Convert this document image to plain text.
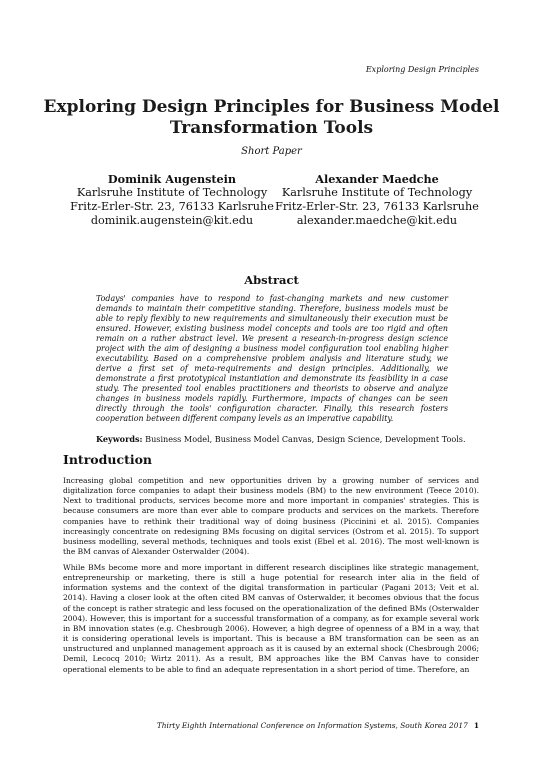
Exploring Design Principles
Exploring Design Principles for Business Model Transformation Tools
Short Paper
Dominik Augenstein
Karlsruhe Institute of Technology
Fritz-Erler-Str. 23, 76133 Karlsruhe
dominik.augenstein@kit.edu
Alexander Maedche
Karlsruhe Institute of Technology
Fritz-Erler-Str. 23, 76133 Karlsruhe
alexander.maedche@kit.edu
Abstract
Todays' companies have to respond to fast-changing markets and new customer demands to maintain their competitive standing. Therefore, business models must be able to reply flexibly to new requirements and simultaneously their execution must be ensured. However, existing business model concepts and tools are too rigid and often remain on a rather abstract level. We present a research-in-progress design science project with the aim of designing a business model configuration tool enabling higher executability. Based on a comprehensive problem analysis and literature study, we derive a first set of meta-requirements and design principles. Additionally, we demonstrate a first prototypical instantiation and demonstrate its feasibility in a case study. The presented tool enables practitioners and theorists to observe and analyze changes in business models rapidly. Furthermore, impacts of changes can be seen directly through the tools' configuration character. Finally, this research fosters cooperation between different company levels as an imperative capability.
Keywords: Business Model, Business Model Canvas, Design Science, Development Tools.
Introduction
Increasing global competition and new opportunities driven by a growing number of services and digitalization force companies to adapt their business models (BM) to the new environment (Teece 2010). Next to traditional products, services become more and more important in companies' strategies. This is because consumers are more than ever able to compare products and services on the markets. Therefore companies have to rethink their traditional way of doing business (Piccinini et al. 2015). Companies increasingly concentrate on redesigning BMs focusing on digital services (Ostrom et al. 2015). To support business modelling, several methods, techniques and tools exist (Ebel et al. 2016). The most well-known is the BM canvas of Alexander Osterwalder (2004).
While BMs become more and more important in different research disciplines like strategic management, entrepreneurship or marketing, there is still a huge potential for research inter alia in the field of information systems and the context of the digital transformation in particular (Pagani 2013; Veit et al. 2014). Having a closer look at the often cited BM canvas of Osterwalder, it becomes obvious that the focus of the concept is rather strategic and less focused on the operationalization of the defined BMs (Osterwalder 2004). However, this is important for a successful transformation of a company, as for example several work in BM innovation states (e.g. Chesbrough 2006). However, a high degree of openness of a BM in a way, that it is considering operational levels is important. This is because a BM transformation can be seen as an unstructured and unplanned management approach as it is caused by an external shock (Chesbrough 2006; Demil, Lecocq 2010; Wirtz 2011). As a result, BM approaches like the BM Canvas have to consider operational elements to be able to find an adequate representation in a short period of time. Therefore, an
Thirty Eighth International Conference on Information Systems, South Korea 2017 1
